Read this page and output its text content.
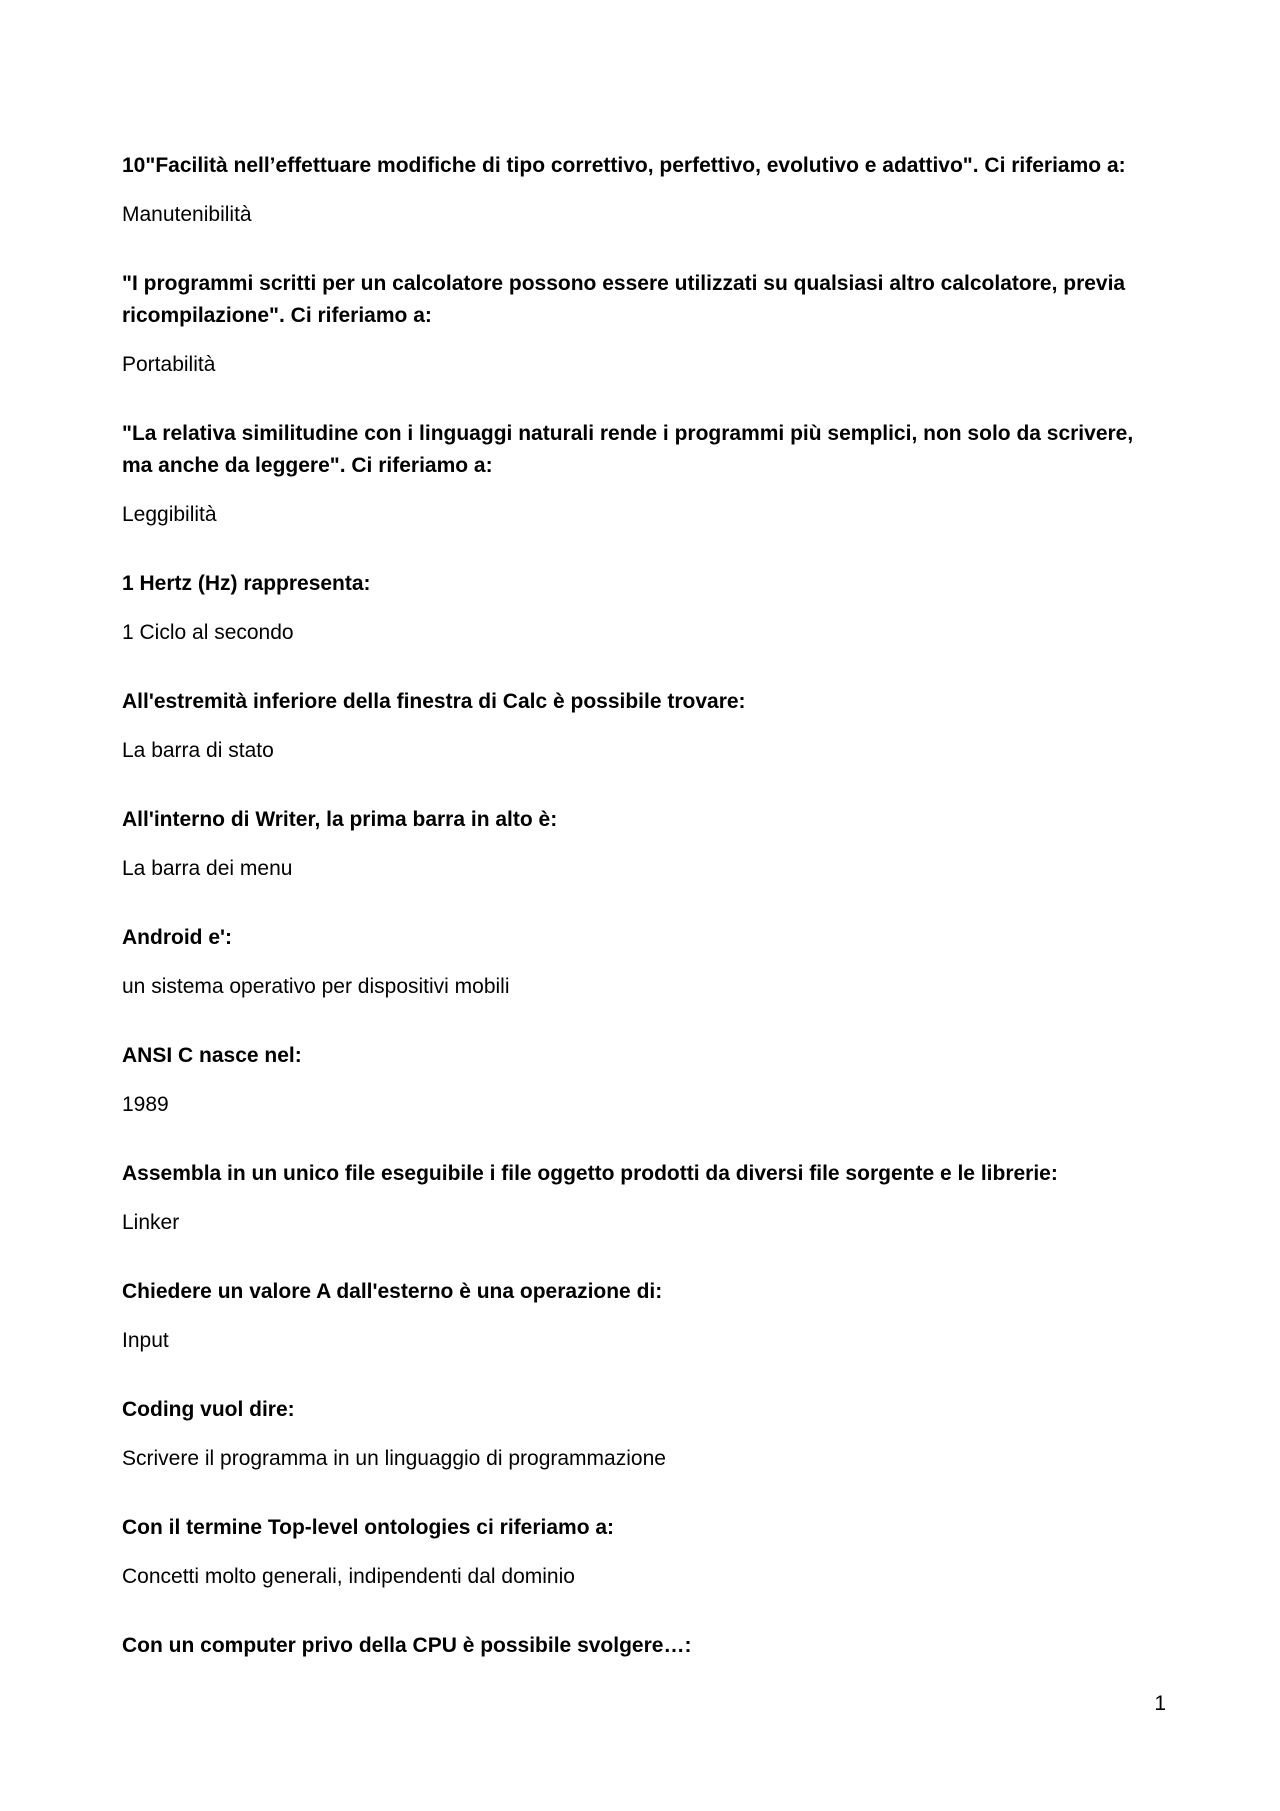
10"Facilità nell’effettuare modifiche di tipo correttivo, perfettivo, evolutivo e adattivo". Ci riferiamo a:
Manutenibilità
"I programmi scritti per un calcolatore possono essere utilizzati su qualsiasi altro calcolatore, previa ricompilazione". Ci riferiamo a:
Portabilità
"La relativa similitudine con i linguaggi naturali rende i programmi più semplici, non solo da scrivere, ma anche da leggere". Ci riferiamo a:
Leggibilità
1 Hertz (Hz) rappresenta:
1 Ciclo al secondo
All'estremità inferiore della finestra di Calc è possibile trovare:
La barra di stato
All'interno di Writer, la prima barra in alto è:
La barra dei menu
Android e':
un sistema operativo per dispositivi mobili
ANSI C nasce nel:
1989
Assembla in un unico file eseguibile i file oggetto prodotti da diversi file sorgente e le librerie:
Linker
Chiedere un valore A dall'esterno è una operazione di:
Input
Coding vuol dire:
Scrivere il programma in un linguaggio di programmazione
Con il termine Top-level ontologies ci riferiamo a:
Concetti molto generali, indipendenti dal dominio
Con un computer privo della CPU è possibile svolgere…:
1
